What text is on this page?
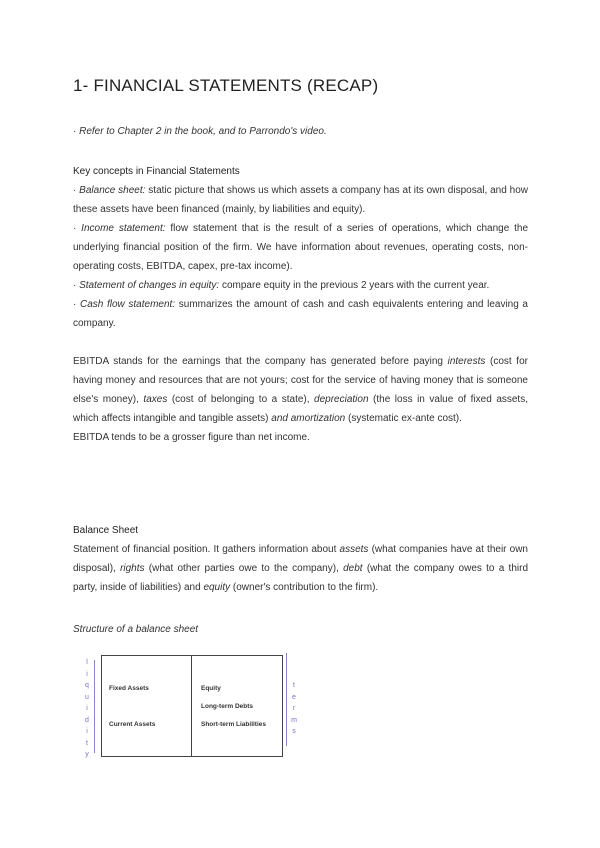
1- FINANCIAL STATEMENTS (RECAP)
· Refer to Chapter 2 in the book, and to Parrondo's video.
Key concepts in Financial Statements
· Balance sheet: static picture that shows us which assets a company has at its own disposal, and how these assets have been financed (mainly, by liabilities and equity).
· Income statement: flow statement that is the result of a series of operations, which change the underlying financial position of the firm. We have information about revenues, operating costs, non-operating costs, EBITDA, capex, pre-tax income).
· Statement of changes in equity: compare equity in the previous 2 years with the current year.
· Cash flow statement: summarizes the amount of cash and cash equivalents entering and leaving a company.
EBITDA stands for the earnings that the company has generated before paying interests (cost for having money and resources that are not yours; cost for the service of having money that is someone else's money), taxes (cost of belonging to a state), depreciation (the loss in value of fixed assets, which affects intangible and tangible assets) and amortization (systematic ex-ante cost).
EBITDA tends to be a grosser figure than net income.
Balance Sheet
Statement of financial position. It gathers information about assets (what companies have at their own disposal), rights (what other parties owe to the company), debt (what the company owes to a third party, inside of liabilities) and equity (owner's contribution to the firm).
Structure of a balance sheet
l
i
q
u
i
d
i
t
y
Fixed Assets
Current Assets
Equity
Long-term Debts
Short-term Liabilities
t
e
r
m
s
